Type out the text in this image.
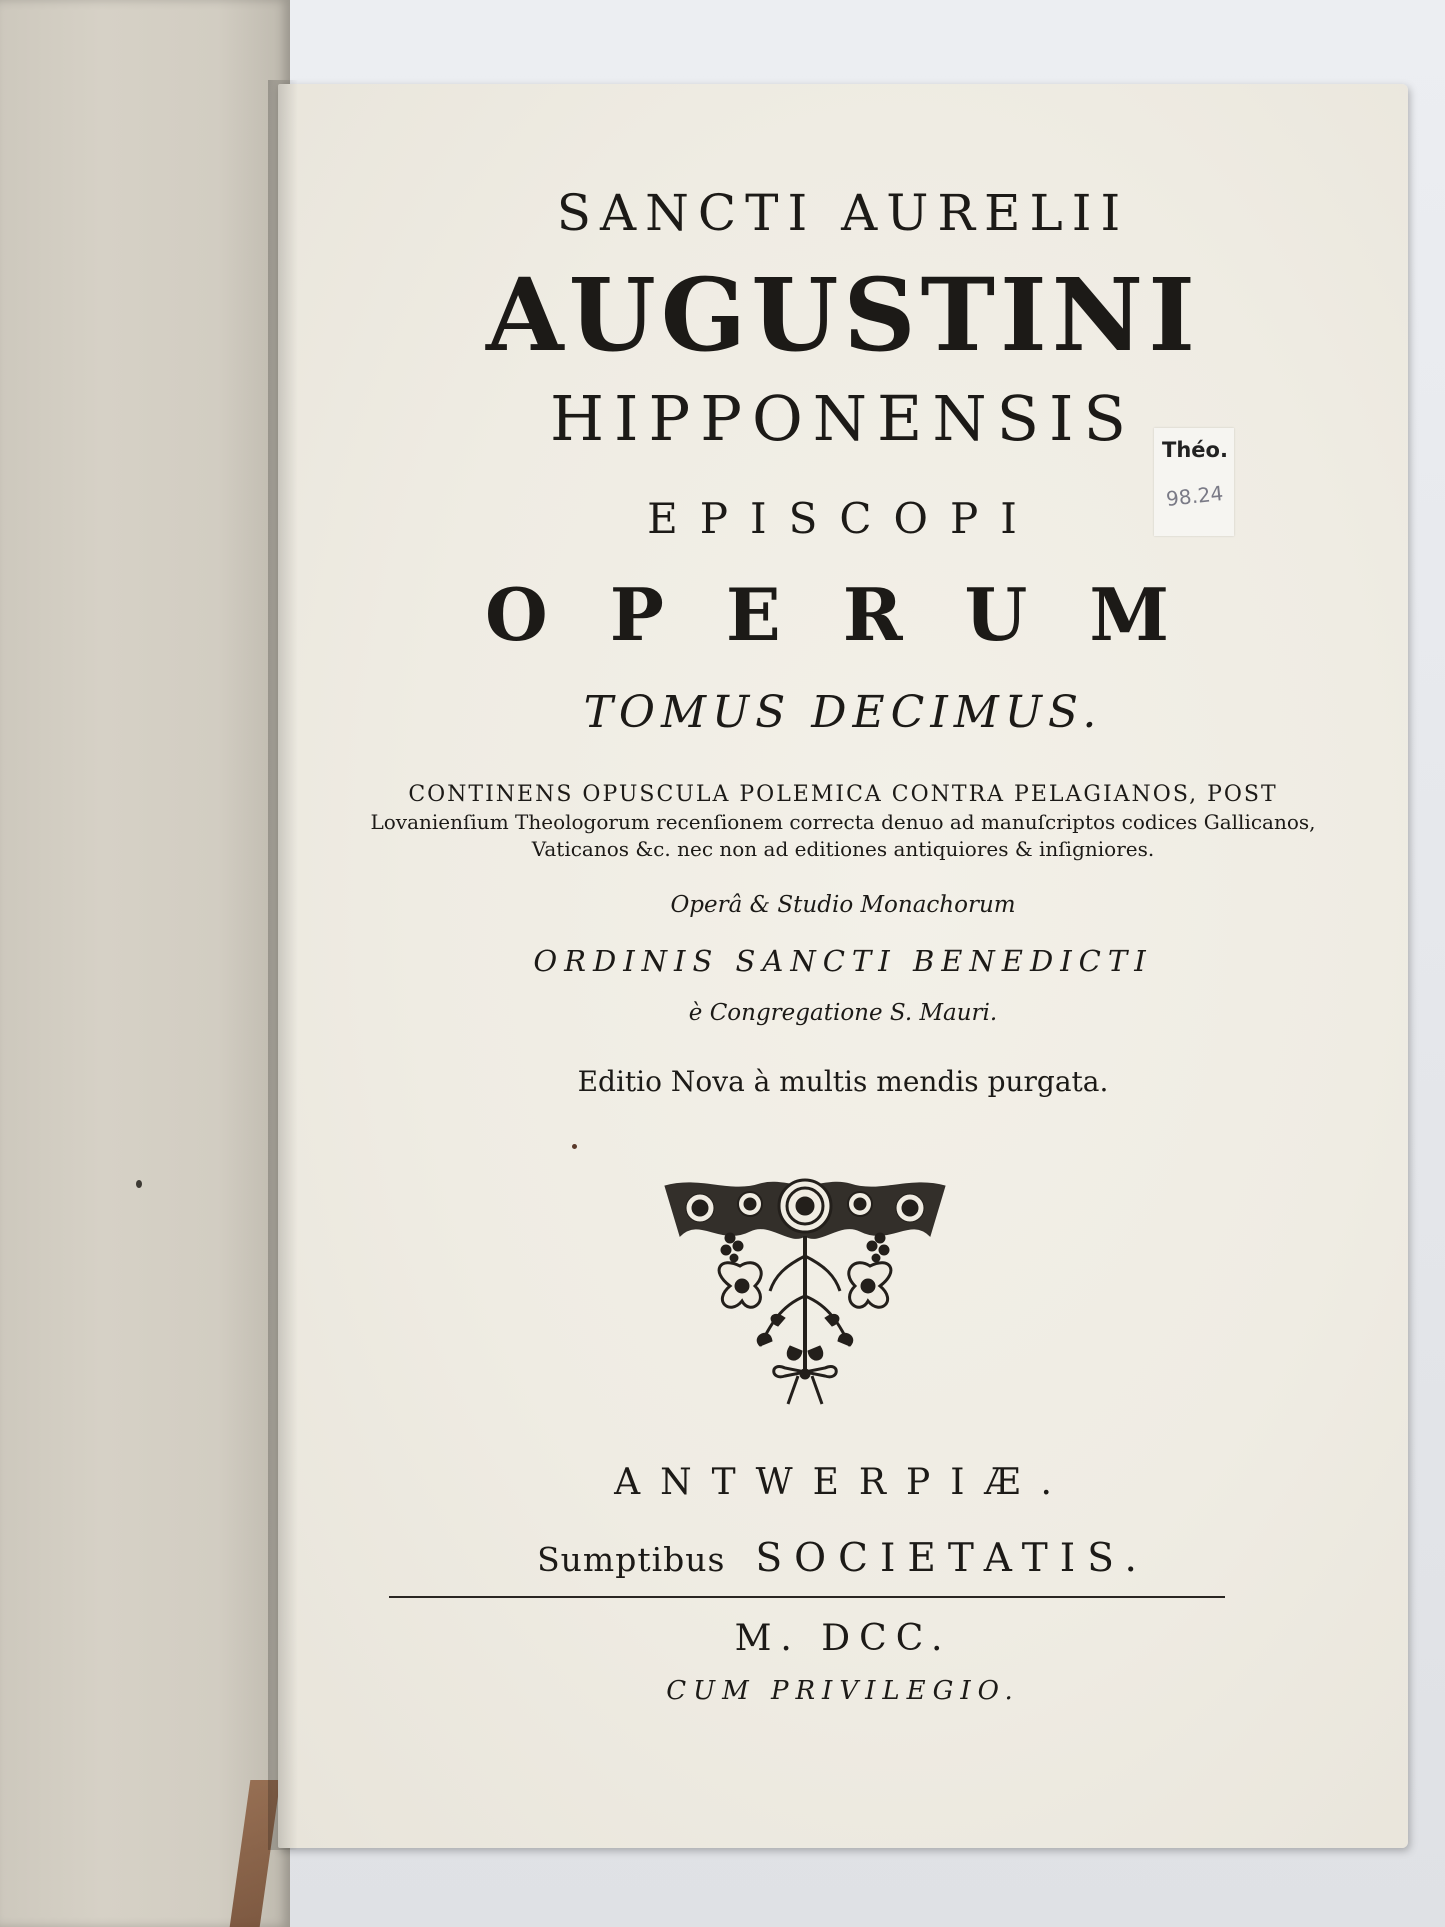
SANCTI AURELII
AUGUSTINI
HIPPONENSIS
EPISCOPI
OPERUM
TOMUS DECIMUS.
CONTINENS OPUSCULA POLEMICA CONTRA PELAGIANOS, POST
Lovanienſium Theologorum recenſionem correcta denuo ad manuſcriptos codices Gallicanos,
Vaticanos &c. nec non ad editiones antiquiores & inſigniores.
Operâ & Studio Monachorum
ORDINIS SANCTI BENEDICTI
è Congregatione S. Mauri.
Editio Nova à multis mendis purgata.
ANTWERPIÆ.
Sumptibus SOCIETATIS.
M. DCC.
CUM PRIVILEGIO.
Théo.
98.24
